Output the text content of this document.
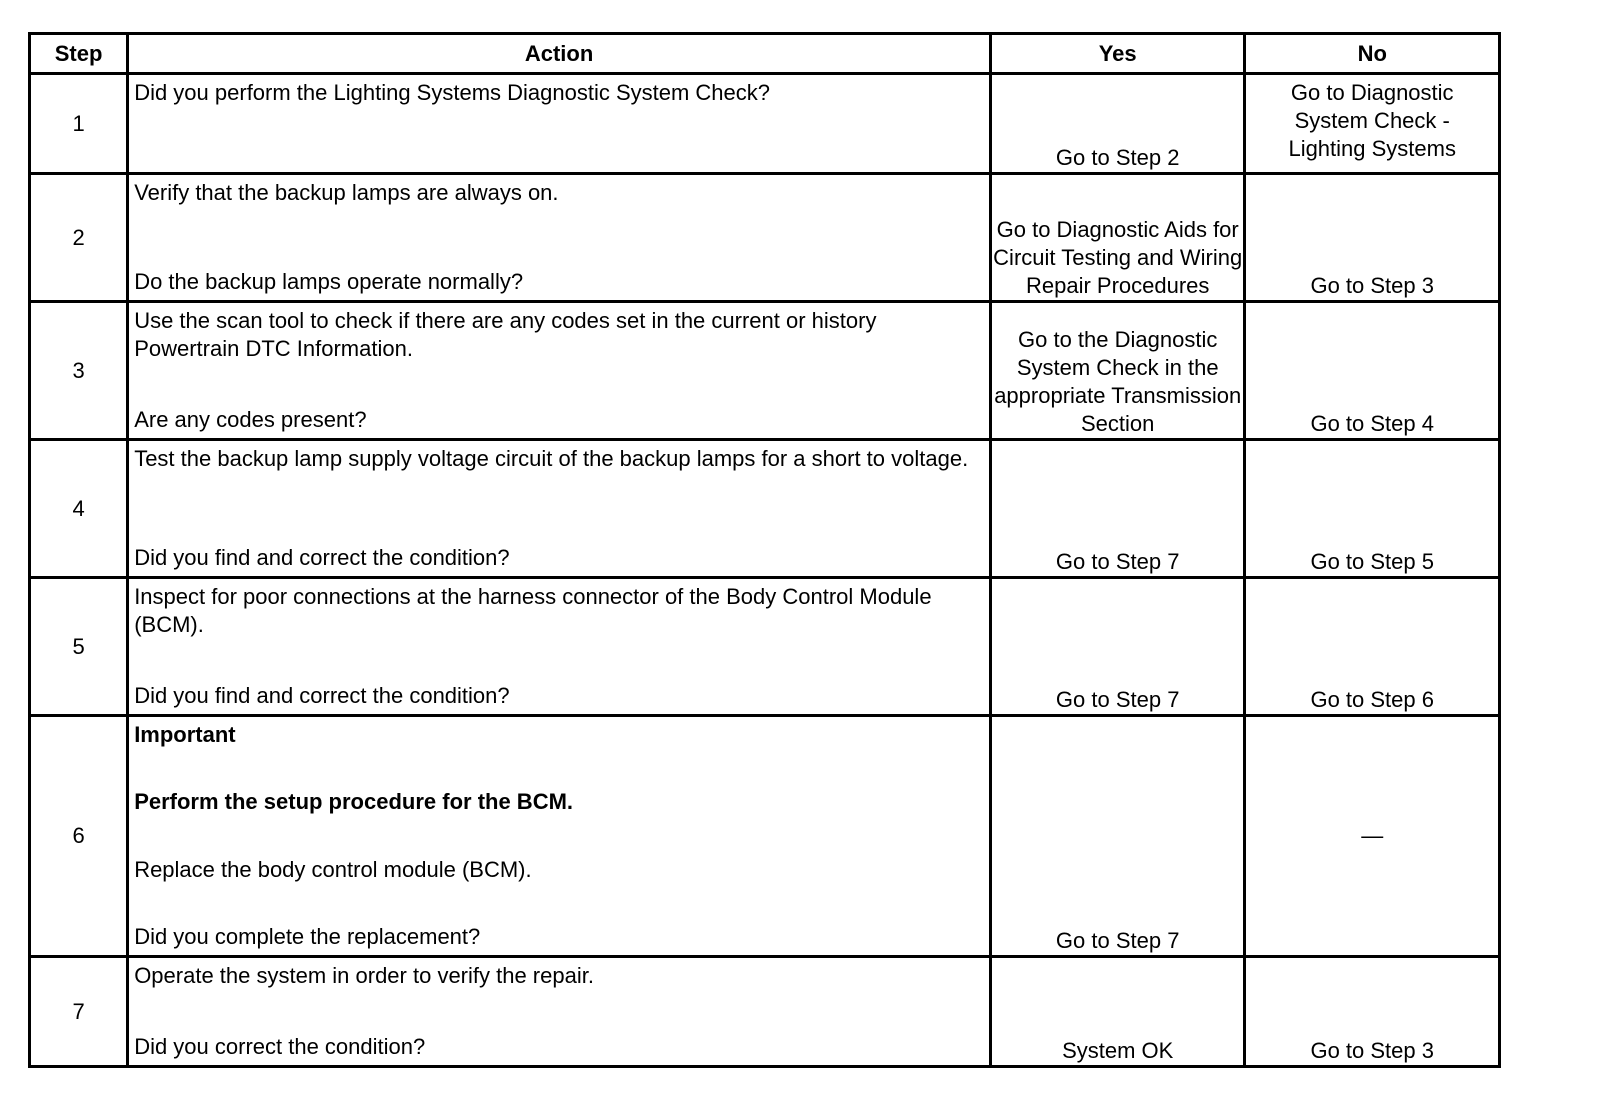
Step	Action	Yes	No
1	Did you perform the Lighting Systems Diagnostic System Check?	Go to Step 2	Go to Diagnostic System Check - Lighting Systems
2	Verify that the backup lamps are always on.
Do the backup lamps operate normally?	Go to Diagnostic Aids for Circuit Testing and Wiring Repair Procedures	Go to Step 3
3	Use the scan tool to check if there are any codes set in the current or history Powertrain DTC Information.
Are any codes present?	Go to the Diagnostic System Check in the appropriate Transmission Section	Go to Step 4
4	Test the backup lamp supply voltage circuit of the backup lamps for a short to voltage.
Did you find and correct the condition?	Go to Step 7	Go to Step 5
5	Inspect for poor connections at the harness connector of the Body Control Module (BCM).
Did you find and correct the condition?	Go to Step 7	Go to Step 6
6	Important
Perform the setup procedure for the BCM.
Replace the body control module (BCM).
Did you complete the replacement?	Go to Step 7	—
7	Operate the system in order to verify the repair.
Did you correct the condition?	System OK	Go to Step 3
